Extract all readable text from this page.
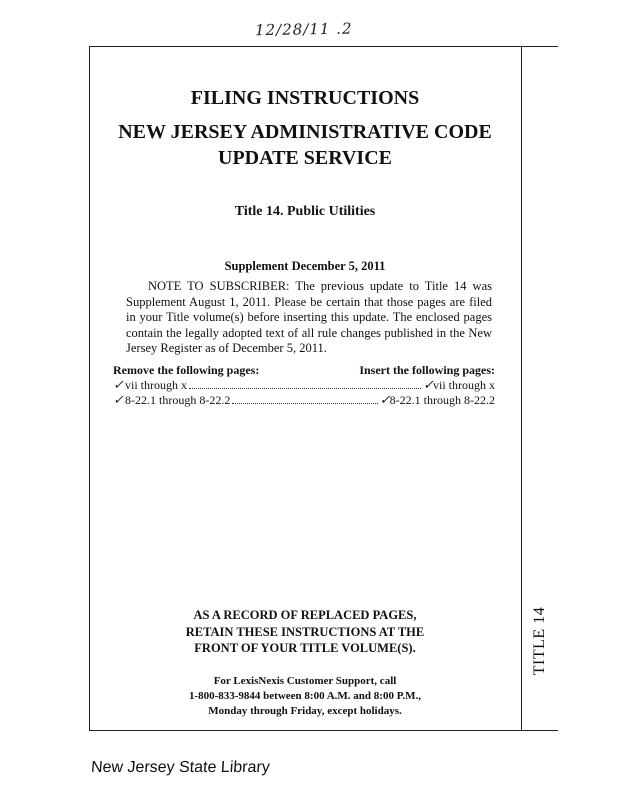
12/28/11 .2
TITLE 14
FILING INSTRUCTIONS
NEW JERSEY ADMINISTRATIVE CODE
UPDATE SERVICE
Title 14. Public Utilities
Supplement December 5, 2011
NOTE TO SUBSCRIBER: The previous update to Title 14 was Supplement August 1, 2011. Please be certain that those pages are filed in your Title volume(s) before inserting this update. The enclosed pages contain the legally adopted text of all rule changes published in the New Jersey Register as of December 5, 2011.
Remove the following pages:	Insert the following pages:
✓ vii through x	✓ vii through x
✓ 8-22.1 through 8-22.2	✓ 8-22.1 through 8-22.2
AS A RECORD OF REPLACED PAGES,
RETAIN THESE INSTRUCTIONS AT THE
FRONT OF YOUR TITLE VOLUME(S).
For LexisNexis Customer Support, call
1-800-833-9844 between 8:00 A.M. and 8:00 P.M.,
Monday through Friday, except holidays.
New Jersey State Library
